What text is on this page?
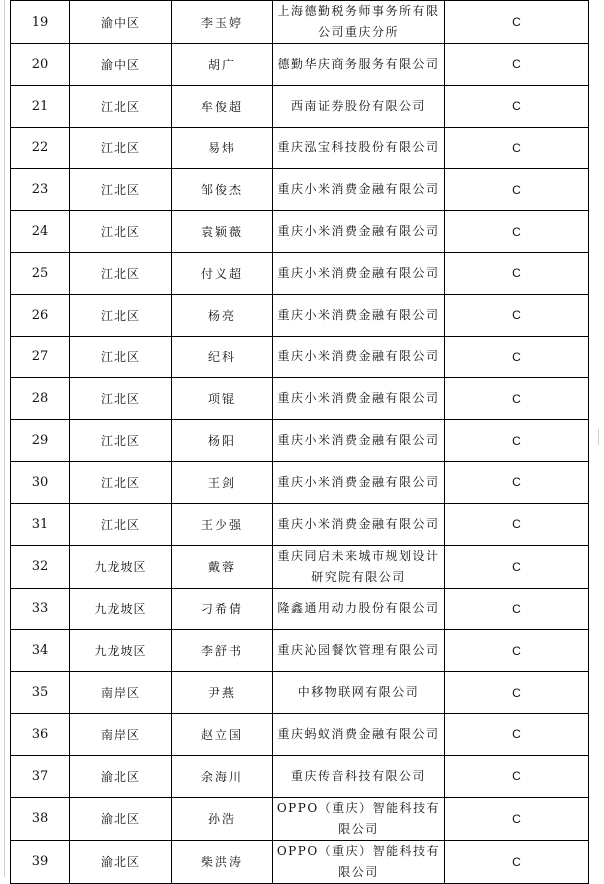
19	渝中区	李玉婷	上海德勤税务师事务所有限公司重庆分所	C
20	渝中区	胡广	德勤华庆商务服务有限公司	C
21	江北区	牟俊超	西南证券股份有限公司	C
22	江北区	易炜	重庆泓宝科技股份有限公司	C
23	江北区	邹俊杰	重庆小米消费金融有限公司	C
24	江北区	袁颖薇	重庆小米消费金融有限公司	C
25	江北区	付义超	重庆小米消费金融有限公司	C
26	江北区	杨亮	重庆小米消费金融有限公司	C
27	江北区	纪科	重庆小米消费金融有限公司	C
28	江北区	项锟	重庆小米消费金融有限公司	C
29	江北区	杨阳	重庆小米消费金融有限公司	C
30	江北区	王剑	重庆小米消费金融有限公司	C
31	江北区	王少强	重庆小米消费金融有限公司	C
32	九龙坡区	戴蓉	重庆同启未来城市规划设计研究院有限公司	C
33	九龙坡区	刁希倩	隆鑫通用动力股份有限公司	C
34	九龙坡区	李舒书	重庆沁园餐饮管理有限公司	C
35	南岸区	尹燕	中移物联网有限公司	C
36	南岸区	赵立国	重庆蚂蚁消费金融有限公司	C
37	渝北区	余海川	重庆传音科技有限公司	C
38	渝北区	孙浩	OPPO（重庆）智能科技有限公司	C
39	渝北区	柴洪涛	OPPO（重庆）智能科技有限公司	C
